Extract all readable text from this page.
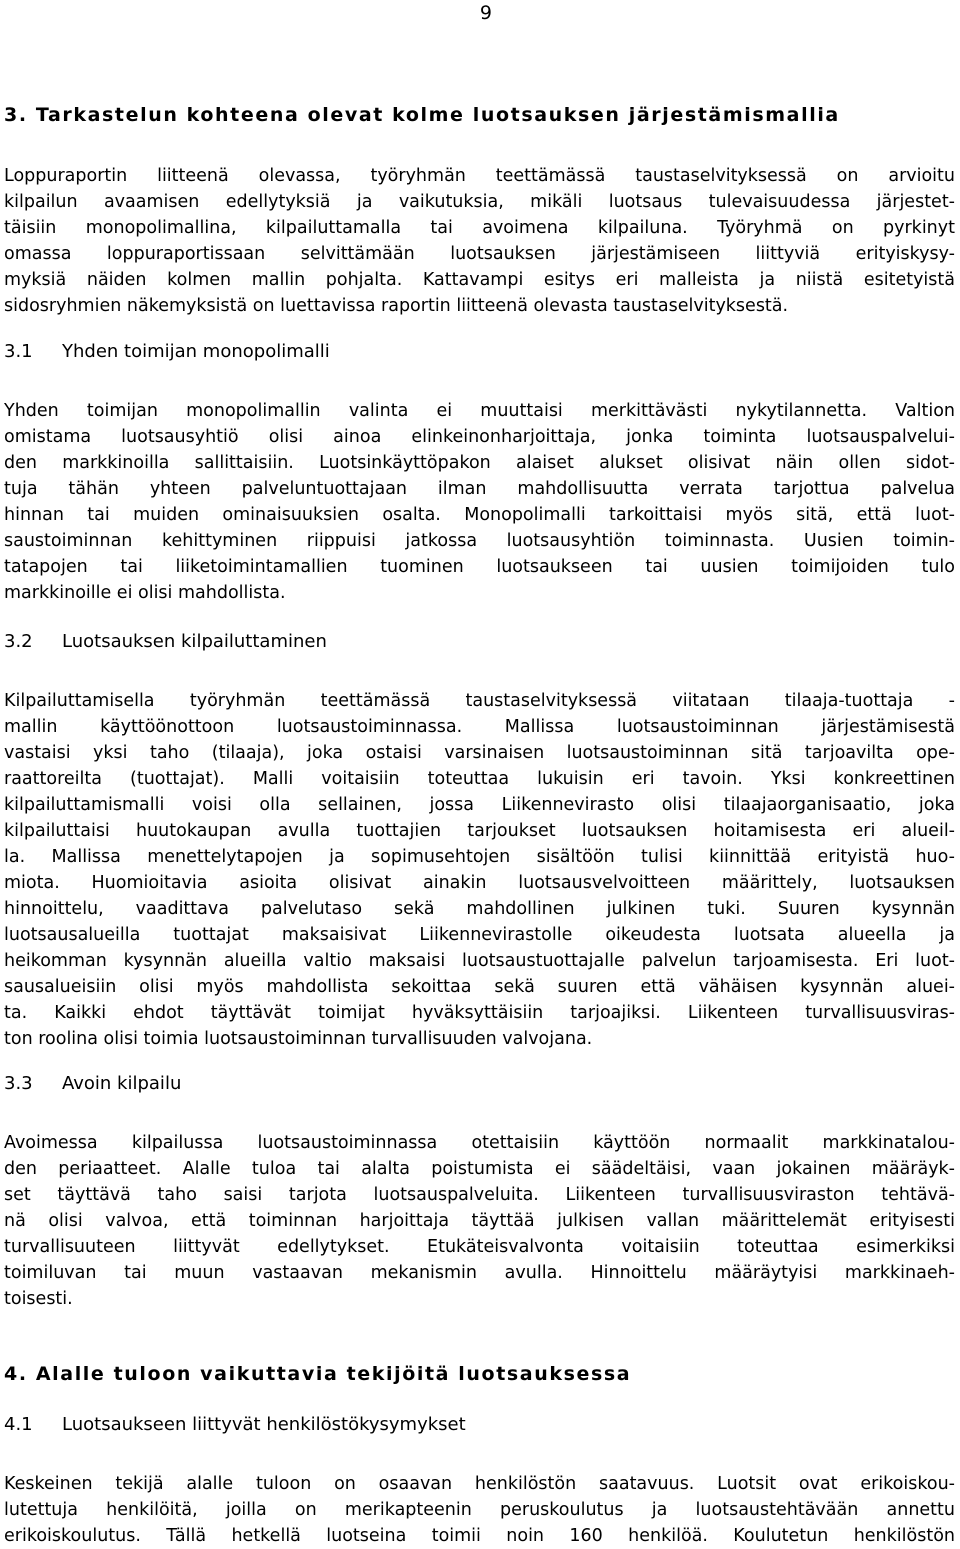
9
3. Tarkastelun kohteena olevat kolme luotsauksen järjestämismallia
Loppuraportin liitteenä olevassa, työryhmän teettämässä taustaselvityksessä on arvioitu
kilpailun avaamisen edellytyksiä ja vaikutuksia, mikäli luotsaus tulevaisuudessa järjestet-
täisiin monopolimallina, kilpailuttamalla tai avoimena kilpailuna. Työryhmä on pyrkinyt
omassa loppuraportissaan selvittämään luotsauksen järjestämiseen liittyviä erityiskysy-
myksiä näiden kolmen mallin pohjalta. Kattavampi esitys eri malleista ja niistä esitetyistä
sidosryhmien näkemyksistä on luettavissa raportin liitteenä olevasta taustaselvityksestä.
3.1 Yhden toimijan monopolimalli
Yhden toimijan monopolimallin valinta ei muuttaisi merkittävästi nykytilannetta. Valtion
omistama luotsausyhtiö olisi ainoa elinkeinonharjoittaja, jonka toiminta luotsauspalvelui-
den markkinoilla sallittaisiin. Luotsinkäyttöpakon alaiset alukset olisivat näin ollen sidot-
tuja tähän yhteen palveluntuottajaan ilman mahdollisuutta verrata tarjottua palvelua
hinnan tai muiden ominaisuuksien osalta. Monopolimalli tarkoittaisi myös sitä, että luot-
saustoiminnan kehittyminen riippuisi jatkossa luotsausyhtiön toiminnasta. Uusien toimin-
tatapojen tai liiketoimintamallien tuominen luotsaukseen tai uusien toimijoiden tulo
markkinoille ei olisi mahdollista.
3.2 Luotsauksen kilpailuttaminen
Kilpailuttamisella työryhmän teettämässä taustaselvityksessä viitataan tilaaja-tuottaja -
mallin käyttöönottoon luotsaustoiminnassa. Mallissa luotsaustoiminnan järjestämisestä
vastaisi yksi taho (tilaaja), joka ostaisi varsinaisen luotsaustoiminnan sitä tarjoavilta ope-
raattoreilta (tuottajat). Malli voitaisiin toteuttaa lukuisin eri tavoin. Yksi konkreettinen
kilpailuttamismalli voisi olla sellainen, jossa Liikennevirasto olisi tilaajaorganisaatio, joka
kilpailuttaisi huutokaupan avulla tuottajien tarjoukset luotsauksen hoitamisesta eri alueil-
la. Mallissa menettelytapojen ja sopimusehtojen sisältöön tulisi kiinnittää erityistä huo-
miota. Huomioitavia asioita olisivat ainakin luotsausvelvoitteen määrittely, luotsauksen
hinnoittelu, vaadittava palvelutaso sekä mahdollinen julkinen tuki. Suuren kysynnän
luotsausalueilla tuottajat maksaisivat Liikennevirastolle oikeudesta luotsata alueella ja
heikomman kysynnän alueilla valtio maksaisi luotsaustuottajalle palvelun tarjoamisesta. Eri luot-
sausalueisiin olisi myös mahdollista sekoittaa sekä suuren että vähäisen kysynnän aluei-
ta. Kaikki ehdot täyttävät toimijat hyväksyttäisiin tarjoajiksi. Liikenteen turvallisuusviras-
ton roolina olisi toimia luotsaustoiminnan turvallisuuden valvojana.
3.3 Avoin kilpailu
Avoimessa kilpailussa luotsaustoiminnassa otettaisiin käyttöön normaalit markkinatalou-
den periaatteet. Alalle tuloa tai alalta poistumista ei säädeltäisi, vaan jokainen määräyk-
set täyttävä taho saisi tarjota luotsauspalveluita. Liikenteen turvallisuusviraston tehtävä-
nä olisi valvoa, että toiminnan harjoittaja täyttää julkisen vallan määrittelemät erityisesti
turvallisuuteen liittyvät edellytykset. Etukäteisvalvonta voitaisiin toteuttaa esimerkiksi
toimiluvan tai muun vastaavan mekanismin avulla. Hinnoittelu määräytyisi markkinaeh-
toisesti.
4. Alalle tuloon vaikuttavia tekijöitä luotsauksessa
4.1 Luotsaukseen liittyvät henkilöstökysymykset
Keskeinen tekijä alalle tuloon on osaavan henkilöstön saatavuus. Luotsit ovat erikoiskou-
lutettuja henkilöitä, joilla on merikapteenin peruskoulutus ja luotsaustehtävään annettu
erikoiskoulutus. Tällä hetkellä luotseina toimii noin 160 henkilöä. Koulutetun henkilöstön
